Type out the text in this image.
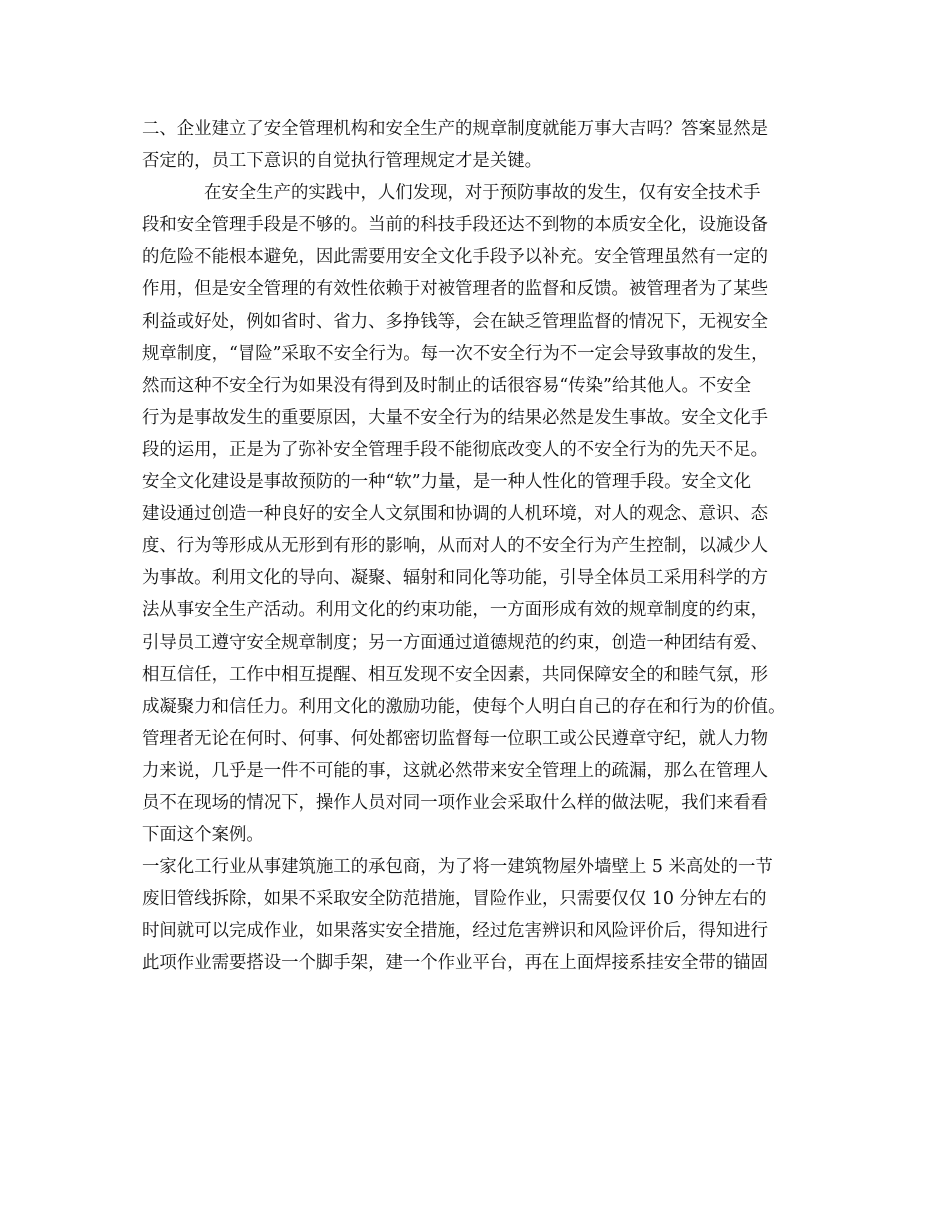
二、企业建立了安全管理机构和安全生产的规章制度就能万事大吉吗？答案显然是
否定的，员工下意识的自觉执行管理规定才是关键。
在安全生产的实践中，人们发现，对于预防事故的发生，仅有安全技术手
段和安全管理手段是不够的。当前的科技手段还达不到物的本质安全化，设施设备
的危险不能根本避免，因此需要用安全文化手段予以补充。安全管理虽然有一定的
作用，但是安全管理的有效性依赖于对被管理者的监督和反馈。被管理者为了某些
利益或好处，例如省时、省力、多挣钱等，会在缺乏管理监督的情况下，无视安全
规章制度，“冒险”采取不安全行为。每一次不安全行为不一定会导致事故的发生，
然而这种不安全行为如果没有得到及时制止的话很容易“传染”给其他人。不安全
行为是事故发生的重要原因，大量不安全行为的结果必然是发生事故。安全文化手
段的运用，正是为了弥补安全管理手段不能彻底改变人的不安全行为的先天不足。
安全文化建设是事故预防的一种“软”力量，是一种人性化的管理手段。安全文化
建设通过创造一种良好的安全人文氛围和协调的人机环境，对人的观念、意识、态
度、行为等形成从无形到有形的影响，从而对人的不安全行为产生控制，以减少人
为事故。利用文化的导向、凝聚、辐射和同化等功能，引导全体员工采用科学的方
法从事安全生产活动。利用文化的约束功能，一方面形成有效的规章制度的约束，
引导员工遵守安全规章制度；另一方面通过道德规范的约束，创造一种团结有爱、
相互信任，工作中相互提醒、相互发现不安全因素，共同保障安全的和睦气氛，形
成凝聚力和信任力。利用文化的激励功能，使每个人明白自己的存在和行为的价值。
管理者无论在何时、何事、何处都密切监督每一位职工或公民遵章守纪，就人力物
力来说，几乎是一件不可能的事，这就必然带来安全管理上的疏漏，那么在管理人
员不在现场的情况下，操作人员对同一项作业会采取什么样的做法呢，我们来看看
下面这个案例。
一家化工行业从事建筑施工的承包商，为了将一建筑物屋外墙壁上 5 米高处的一节
废旧管线拆除，如果不采取安全防范措施，冒险作业，只需要仅仅 10 分钟左右的
时间就可以完成作业，如果落实安全措施，经过危害辨识和风险评价后，得知进行
此项作业需要搭设一个脚手架，建一个作业平台，再在上面焊接系挂安全带的锚固
